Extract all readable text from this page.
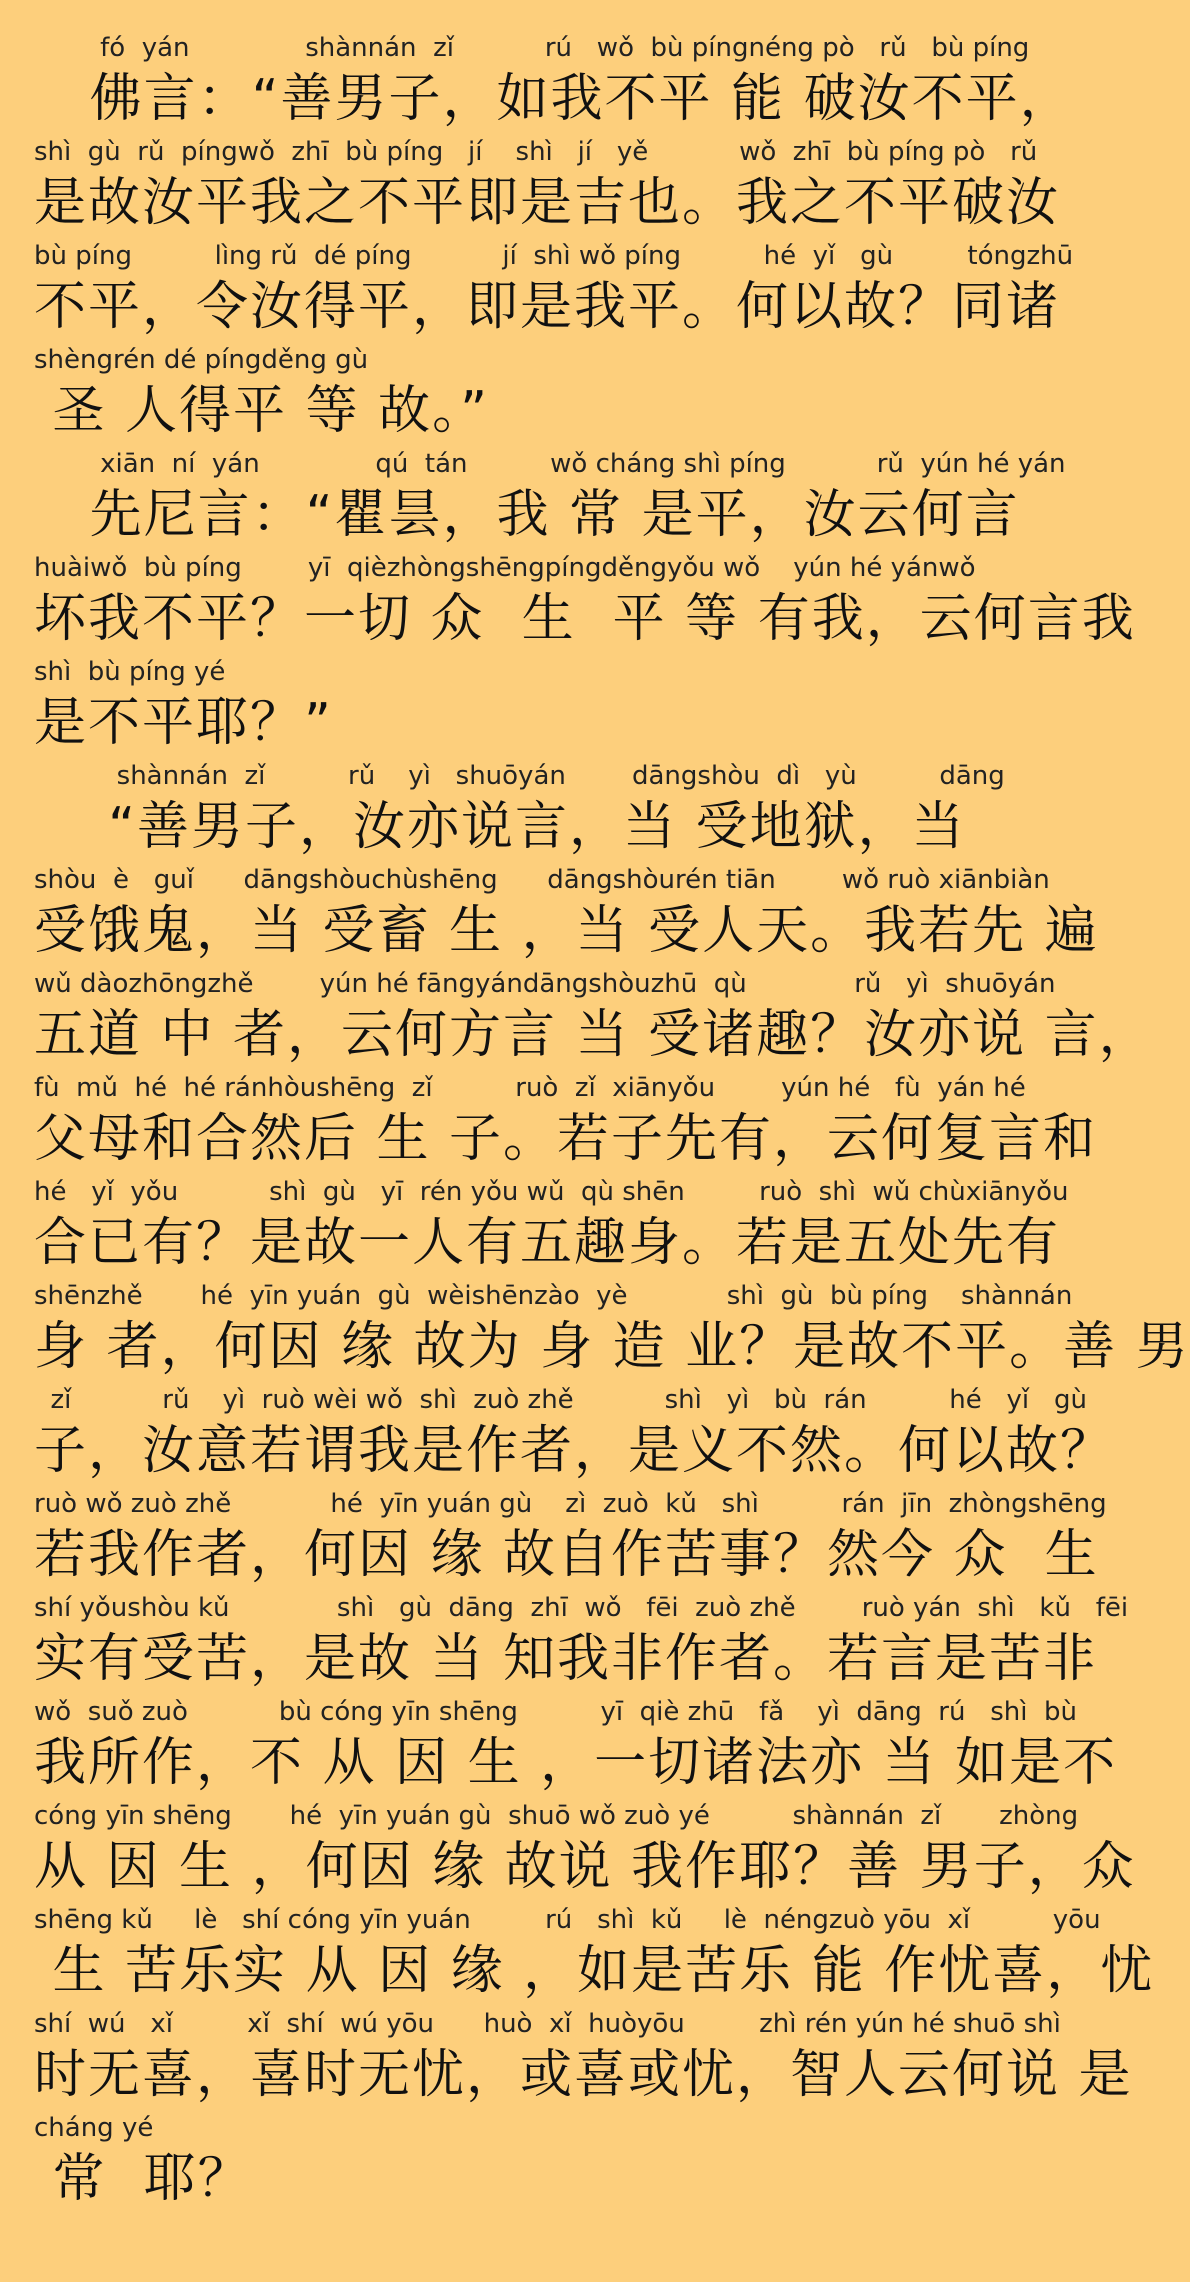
fó  yán              shànnán  zǐ           rú   wǒ  bù píngnéng pò   rǔ   bù píng
佛言：“善男子，如我不平 能 破汝不平，
shì  gù  rǔ  píngwǒ  zhī  bù píng   jí    shì   jí   yě           wǒ  zhī  bù píng pò   rǔ
是故汝平我之不平即是吉也。我之不平破汝
bù píng          lìng rǔ  dé píng           jí  shì wǒ píng          hé  yǐ   gù         tóngzhū
不平，令汝得平，即是我平。何以故？同诸
shèngrén dé píngděng gù
圣 人得平 等 故。”
xiān  ní  yán              qú  tán          wǒ cháng shì píng           rǔ  yún hé yán
先尼言：“瞿昙，我 常 是平，汝云何言
huàiwǒ  bù píng        yī  qièzhòngshēngpíngděngyǒu wǒ    yún hé yánwǒ
坏我不平？一切 众  生  平 等 有我，云何言我
shì  bù píng yé
是不平耶？”
shànnán  zǐ          rǔ    yì   shuōyán        dāngshòu  dì   yù          dāng
“善男子，汝亦说言，当 受地狱，当
shòu  è   guǐ      dāngshòuchùshēng      dāngshòurén tiān        wǒ ruò xiānbiàn
受饿鬼，当 受畜 生 ，当 受人天。我若先 遍
wǔ dàozhōngzhě        yún hé fāngyándāngshòuzhū  qù             rǔ   yì  shuōyán
五道 中 者，云何方言 当 受诸趣？汝亦说 言，
fù  mǔ  hé  hé ránhòushēng  zǐ          ruò  zǐ  xiānyǒu        yún hé   fù  yán hé
父母和合然后 生 子。若子先有，云何复言和
hé   yǐ  yǒu           shì  gù   yī  rén yǒu wǔ  qù shēn         ruò  shì  wǔ chùxiānyǒu
合已有？是故一人有五趣身。若是五处先有
shēnzhě       hé  yīn yuán  gù  wèishēnzào  yè            shì  gù  bù píng    shànnán
身 者，何因 缘 故为 身 造 业？是故不平。善 男
zǐ           rǔ    yì  ruò wèi wǒ  shì  zuò zhě           shì   yì   bù  rán          hé   yǐ   gù
子，汝意若谓我是作者，是义不然。何以故？
ruò wǒ zuò zhě            hé  yīn yuán gù    zì  zuò  kǔ   shì          rán  jīn  zhòngshēng
若我作者，何因 缘 故自作苦事？然今 众  生
shí yǒushòu kǔ             shì   gù  dāng  zhī  wǒ   fēi  zuò zhě        ruò yán  shì   kǔ   fēi
实有受苦，是故 当 知我非作者。若言是苦非
wǒ  suǒ zuò           bù cóng yīn shēng          yī  qiè zhū   fǎ    yì  dāng  rú   shì  bù
我所作，不 从 因 生 ，一切诸法亦 当 如是不
cóng yīn shēng       hé  yīn yuán gù  shuō wǒ zuò yé          shànnán  zǐ       zhòng
从 因 生 ，何因 缘 故说 我作耶？善 男子，众
shēng kǔ     lè   shí cóng yīn yuán         rú   shì  kǔ     lè  néngzuò yōu  xǐ          yōu
生 苦乐实 从 因 缘 ，如是苦乐 能 作忧喜，忧
shí  wú   xǐ         xǐ  shí  wú yōu      huò  xǐ  huòyōu         zhì rén yún hé shuō shì
时无喜，喜时无忧，或喜或忧，智人云何说 是
cháng yé
常  耶？
